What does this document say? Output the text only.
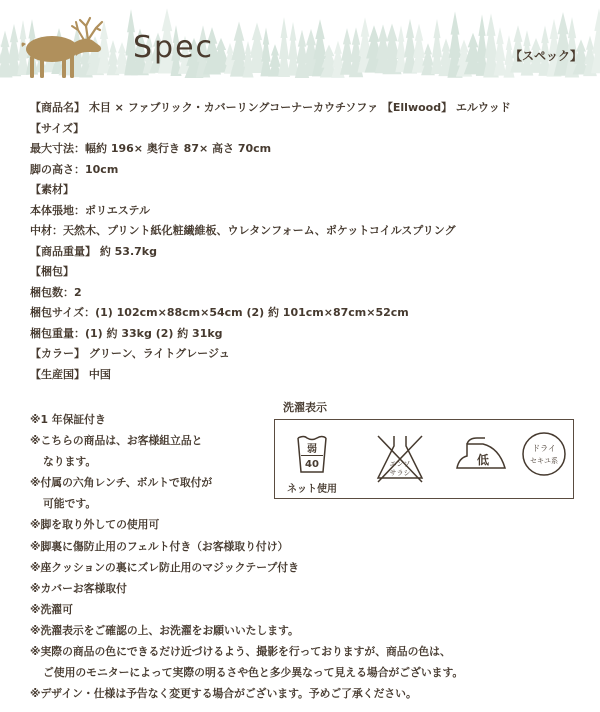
Spec	【スペック】
【商品名】 木目 × ファブリック・カバーリングコーナーカウチソファ 【Ellwood】 エルウッド
【サイズ】
最大寸法：幅約 196× 奥行き 87× 高さ 70cm
脚の高さ：10cm
【素材】
本体張地：ポリエステル
中材：天然木、プリント紙化粧繊維板、ウレタンフォーム、ポケットコイルスプリング
【商品重量】 約 53.7kg
【梱包】
梱包数：2
梱包サイズ：(1) 102cm×88cm×54cm (2) 約 101cm×87cm×52cm
梱包重量：(1) 約 33kg (2) 約 31kg
【カラー】 グリーン、ライトグレージュ
【生産国】 中国
洗濯表示
弱
40
ネット使用
エンソ
サラシ
低
ドライ
セキユ系
※1 年保証付き
※こちらの商品は、お客様組立品と
なります。
※付属の六角レンチ、ボルトで取付が
可能です。
※脚を取り外しての使用可
※脚裏に傷防止用のフェルト付き（お客様取り付け）
※座クッションの裏にズレ防止用のマジックテープ付き
※カバーお客様取付
※洗濯可
※洗濯表示をご確認の上、お洗濯をお願いいたします。
※実際の商品の色にできるだけ近づけるよう、撮影を行っておりますが、商品の色は、
ご使用のモニターによって実際の明るさや色と多少異なって見える場合がございます。
※デザイン・仕様は予告なく変更する場合がございます。予めご了承ください。
